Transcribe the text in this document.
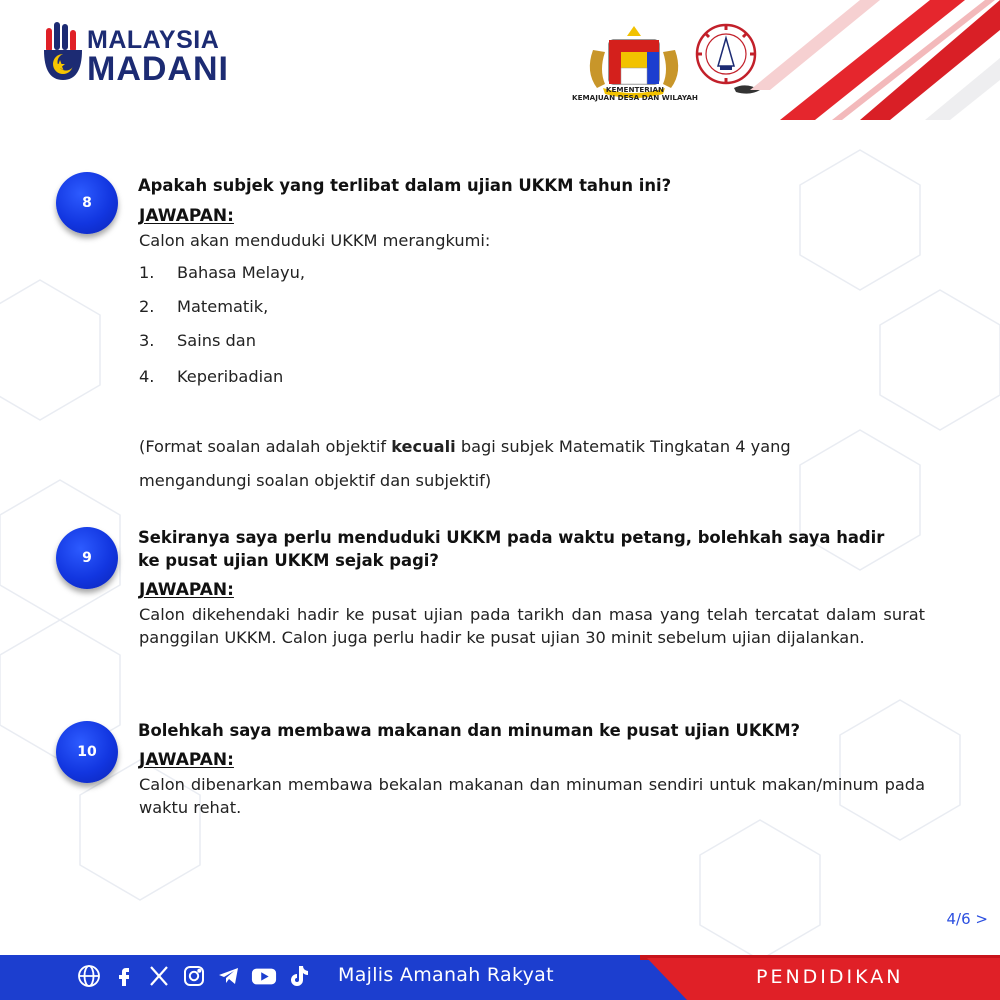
MALAYSIA
MADANI
KEMENTERIAN
KEMAJUAN DESA DAN WILAYAH
8
Apakah subjek yang terlibat dalam ujian UKKM tahun ini?
JAWAPAN:
Calon akan menduduki UKKM merangkumi:
1. Bahasa Melayu,
2. Matematik,
3. Sains dan
4. Keperibadian
(Format soalan adalah objektif kecuali bagi subjek Matematik Tingkatan 4 yang
mengandungi soalan objektif dan subjektif)
9
Sekiranya saya perlu menduduki UKKM pada waktu petang, bolehkah saya hadir
ke pusat ujian UKKM sejak pagi?
JAWAPAN:
Calon dikehendaki hadir ke pusat ujian pada tarikh dan masa yang telah tercatat dalam surat panggilan UKKM. Calon juga perlu hadir ke pusat ujian 30 minit sebelum ujian dijalankan.
10
Bolehkah saya membawa makanan dan minuman ke pusat ujian UKKM?
JAWAPAN:
Calon dibenarkan membawa bekalan makanan dan minuman sendiri untuk makan/minum pada waktu rehat.
4/6 >
Majlis Amanah Rakyat	PENDIDIKAN
